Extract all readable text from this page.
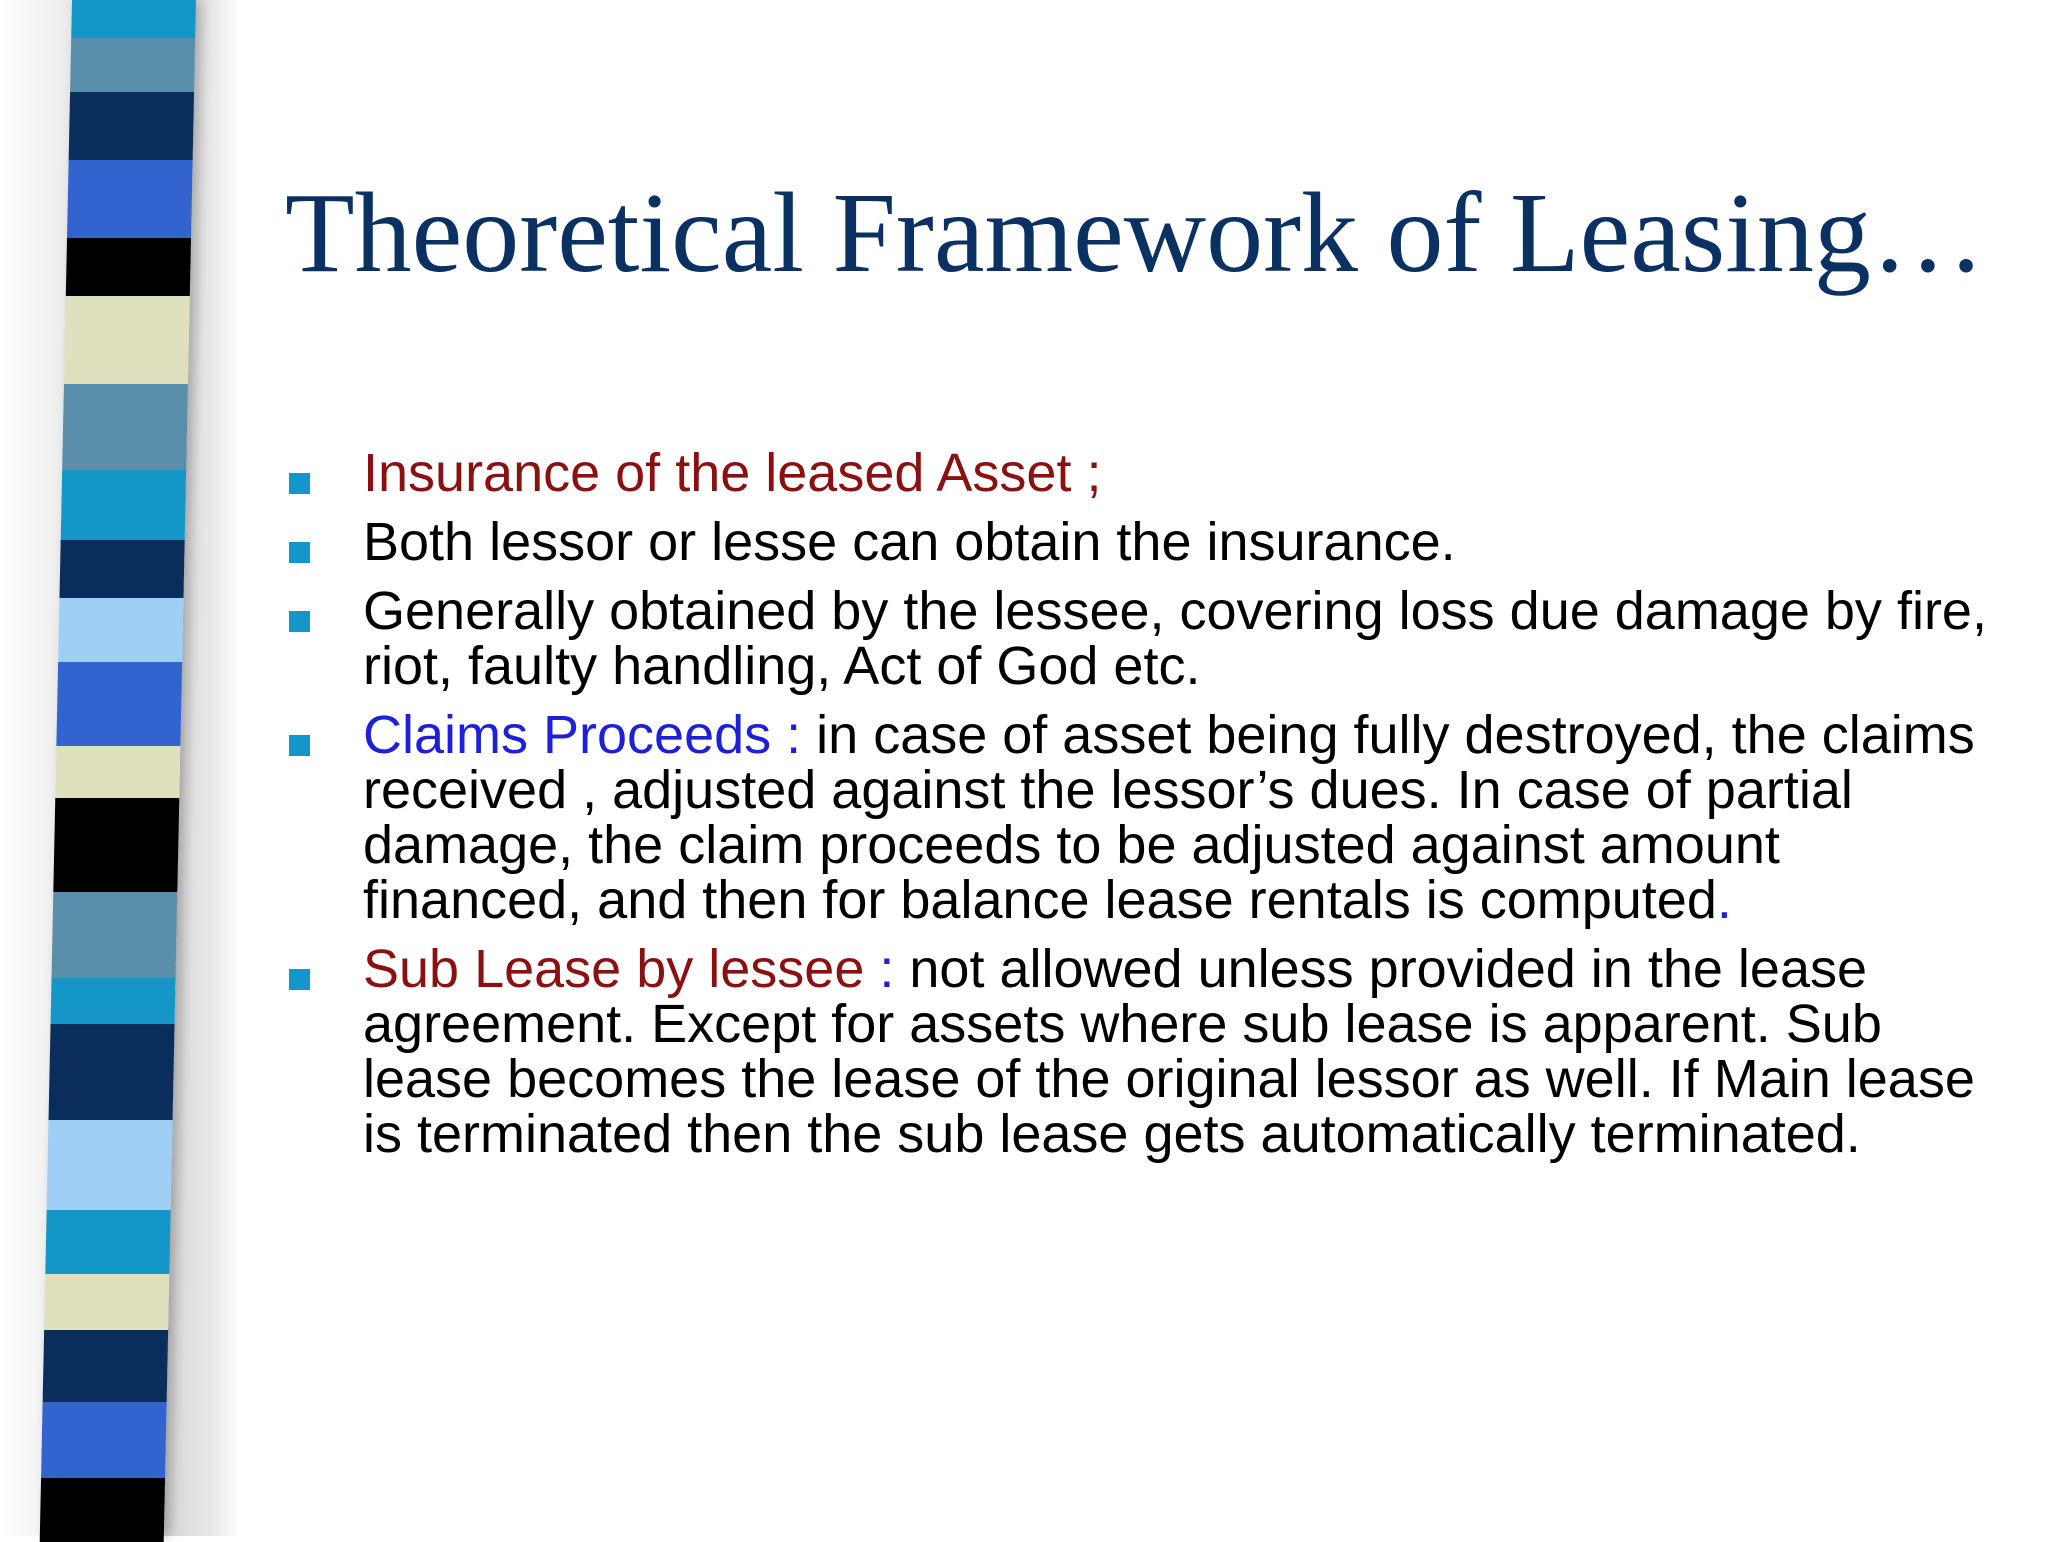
Theoretical Framework of Leasing…
Insurance of the leased Asset ;
Both lessor or lesse can obtain the insurance.
Generally obtained by the lessee, covering loss due damage by fire, riot, faulty handling, Act of God etc.
Claims Proceeds : in case of asset being fully destroyed, the claims received , adjusted against the lessor’s dues. In case of partial damage, the claim proceeds to be adjusted against amount financed, and then for balance lease rentals is computed.
Sub Lease by lessee : not allowed unless provided in the lease agreement. Except for assets where sub lease is apparent. Sub lease becomes the lease of the original lessor as well. If Main lease is terminated then the sub lease gets automatically terminated.
